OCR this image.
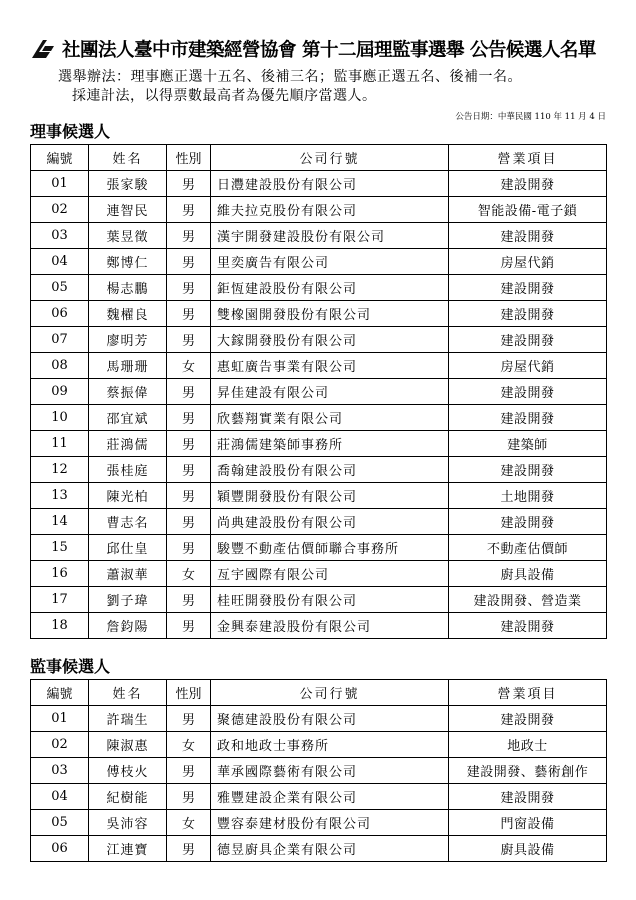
社團法人臺中市建築經營協會 第十二屆理監事選舉 公告候選人名單
選舉辦法：理事應正選十五名、後補三名；監事應正選五名、後補一名。
採連計法，以得票數最高者為優先順序當選人。
公告日期：中華民國 110 年 11 月 4 日
理事候選人
編號	姓名	性別	公司行號	營業項目
01	張家駿	男	日灃建設股份有限公司	建設開發
02	連智民	男	維夫拉克股份有限公司	智能設備-電子鎖
03	葉昱徵	男	漢宇開發建設股份有限公司	建設開發
04	鄭博仁	男	里奕廣告有限公司	房屋代銷
05	楊志鵬	男	鉅恆建設股份有限公司	建設開發
06	魏櫂良	男	雙橡園開發股份有限公司	建設開發
07	廖明芳	男	大鎵開發股份有限公司	建設開發
08	馬珊珊	女	惠虹廣告事業有限公司	房屋代銷
09	蔡振偉	男	昇佳建設有限公司	建設開發
10	邵宜斌	男	欣藝翔實業有限公司	建設開發
11	莊鴻儒	男	莊鴻儒建築師事務所	建築師
12	張桂庭	男	喬翰建設股份有限公司	建設開發
13	陳光柏	男	穎豐開發股份有限公司	土地開發
14	曹志名	男	尚典建設股份有限公司	建設開發
15	邱仕皇	男	駿豐不動產估價師聯合事務所	不動產估價師
16	蕭淑華	女	亙宇國際有限公司	廚具設備
17	劉子瑋	男	桂旺開發股份有限公司	建設開發、營造業
18	詹鈞陽	男	金興泰建設股份有限公司	建設開發
監事候選人
編號	姓名	性別	公司行號	營業項目
01	許瑞生	男	聚德建設股份有限公司	建設開發
02	陳淑惠	女	政和地政士事務所	地政士
03	傅枝火	男	華承國際藝術有限公司	建設開發、藝術創作
04	紀樹能	男	雅豐建設企業有限公司	建設開發
05	吳沛容	女	豐容泰建材股份有限公司	門窗設備
06	江連寶	男	德昱廚具企業有限公司	廚具設備
